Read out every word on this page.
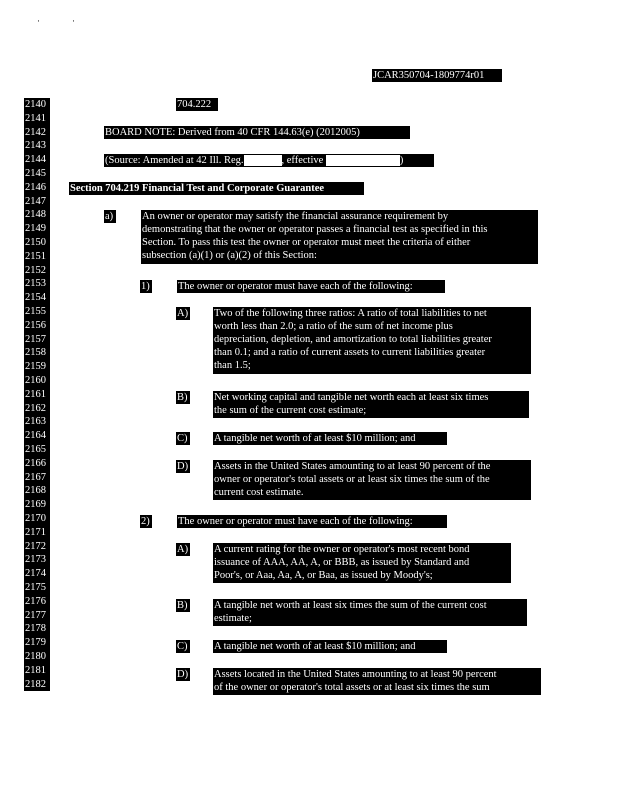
·	·
JCAR350704-1809774r01
2140
2141
2142
2143
2144
2145
2146
2147
2148
2149
2150
2151
2152
2153
2154
2155
2156
2157
2158
2159
2160
2161
2162
2163
2164
2165
2166
2167
2168
2169
2170
2171
2172
2173
2174
2175
2176
2177
2178
2179
2180
2181
2182
704.222
BOARD NOTE: Derived from 40 CFR 144.63(e) (2012005)
(Source: Amended at 42 Ill. Reg.	, effective	)
Section 704.219 Financial Test and Corporate Guarantee
a)	An owner or operator may satisfy the financial assurance requirement by
demonstrating that the owner or operator passes a financial test as specified in this
Section. To pass this test the owner or operator must meet the criteria of either
subsection (a)(1) or (a)(2) of this Section:
1)	The owner or operator must have each of the following:
A) Two of the following three ratios: A ratio of total liabilities to net
worth less than 2.0; a ratio of the sum of net income plus
depreciation, depletion, and amortization to total liabilities greater
than 0.1; and a ratio of current assets to current liabilities greater
than 1.5;
B)	Net working capital and tangible net worth each at least six times
the sum of the current cost estimate;
C)	A tangible net worth of at least $10 million; and
D) Assets in the United States amounting to at least 90 percent of the
owner or operator's total assets or at least six times the sum of the
current cost estimate.
2)	The owner or operator must have each of the following:
A) A current rating for the owner or operator's most recent bond
issuance of AAA, AA, A, or BBB, as issued by Standard and
Poor's, or Aaa, Aa, A, or Baa, as issued by Moody's;
B)	A tangible net worth at least six times the sum of the current cost
estimate;
C)	A tangible net worth of at least $10 million; and
D) Assets located in the United States amounting to at least 90 percent
of the owner or operator's total assets or at least six times the sum
